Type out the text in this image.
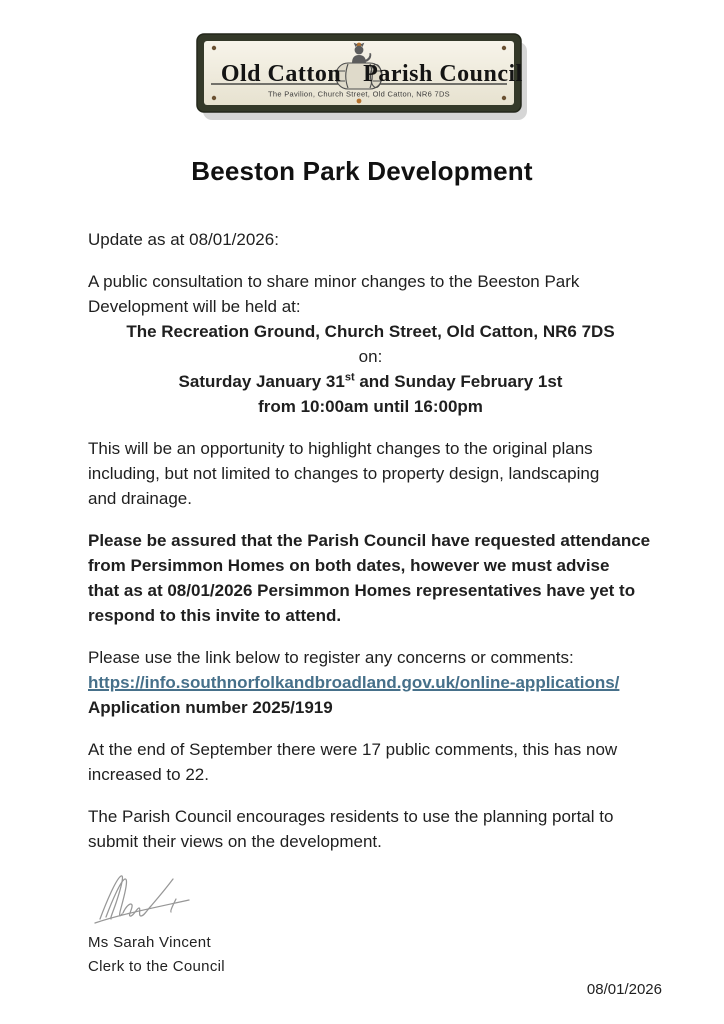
Old Catton Parish Council
The Pavilion, Church Street, Old Catton, NR6 7DS
Beeston Park Development
Update as at 08/01/2026:
A public consultation to share minor changes to the Beeston Park
Development will be held at:
The Recreation Ground, Church Street, Old Catton, NR6 7DS
on:
Saturday January 31st and Sunday February 1st
from 10:00am until 16:00pm
This will be an opportunity to highlight changes to the original plans
including, but not limited to changes to property design, landscaping
and drainage.
Please be assured that the Parish Council have requested attendance
from Persimmon Homes on both dates, however we must advise
that as at 08/01/2026 Persimmon Homes representatives have yet to
respond to this invite to attend.
Please use the link below to register any concerns or comments:
https://info.southnorfolkandbroadland.gov.uk/online-applications/
Application number 2025/1919
At the end of September there were 17 public comments, this has now
increased to 22.
The Parish Council encourages residents to use the planning portal to
submit their views on the development.
Ms Sarah Vincent
Clerk to the Council
08/01/2026
